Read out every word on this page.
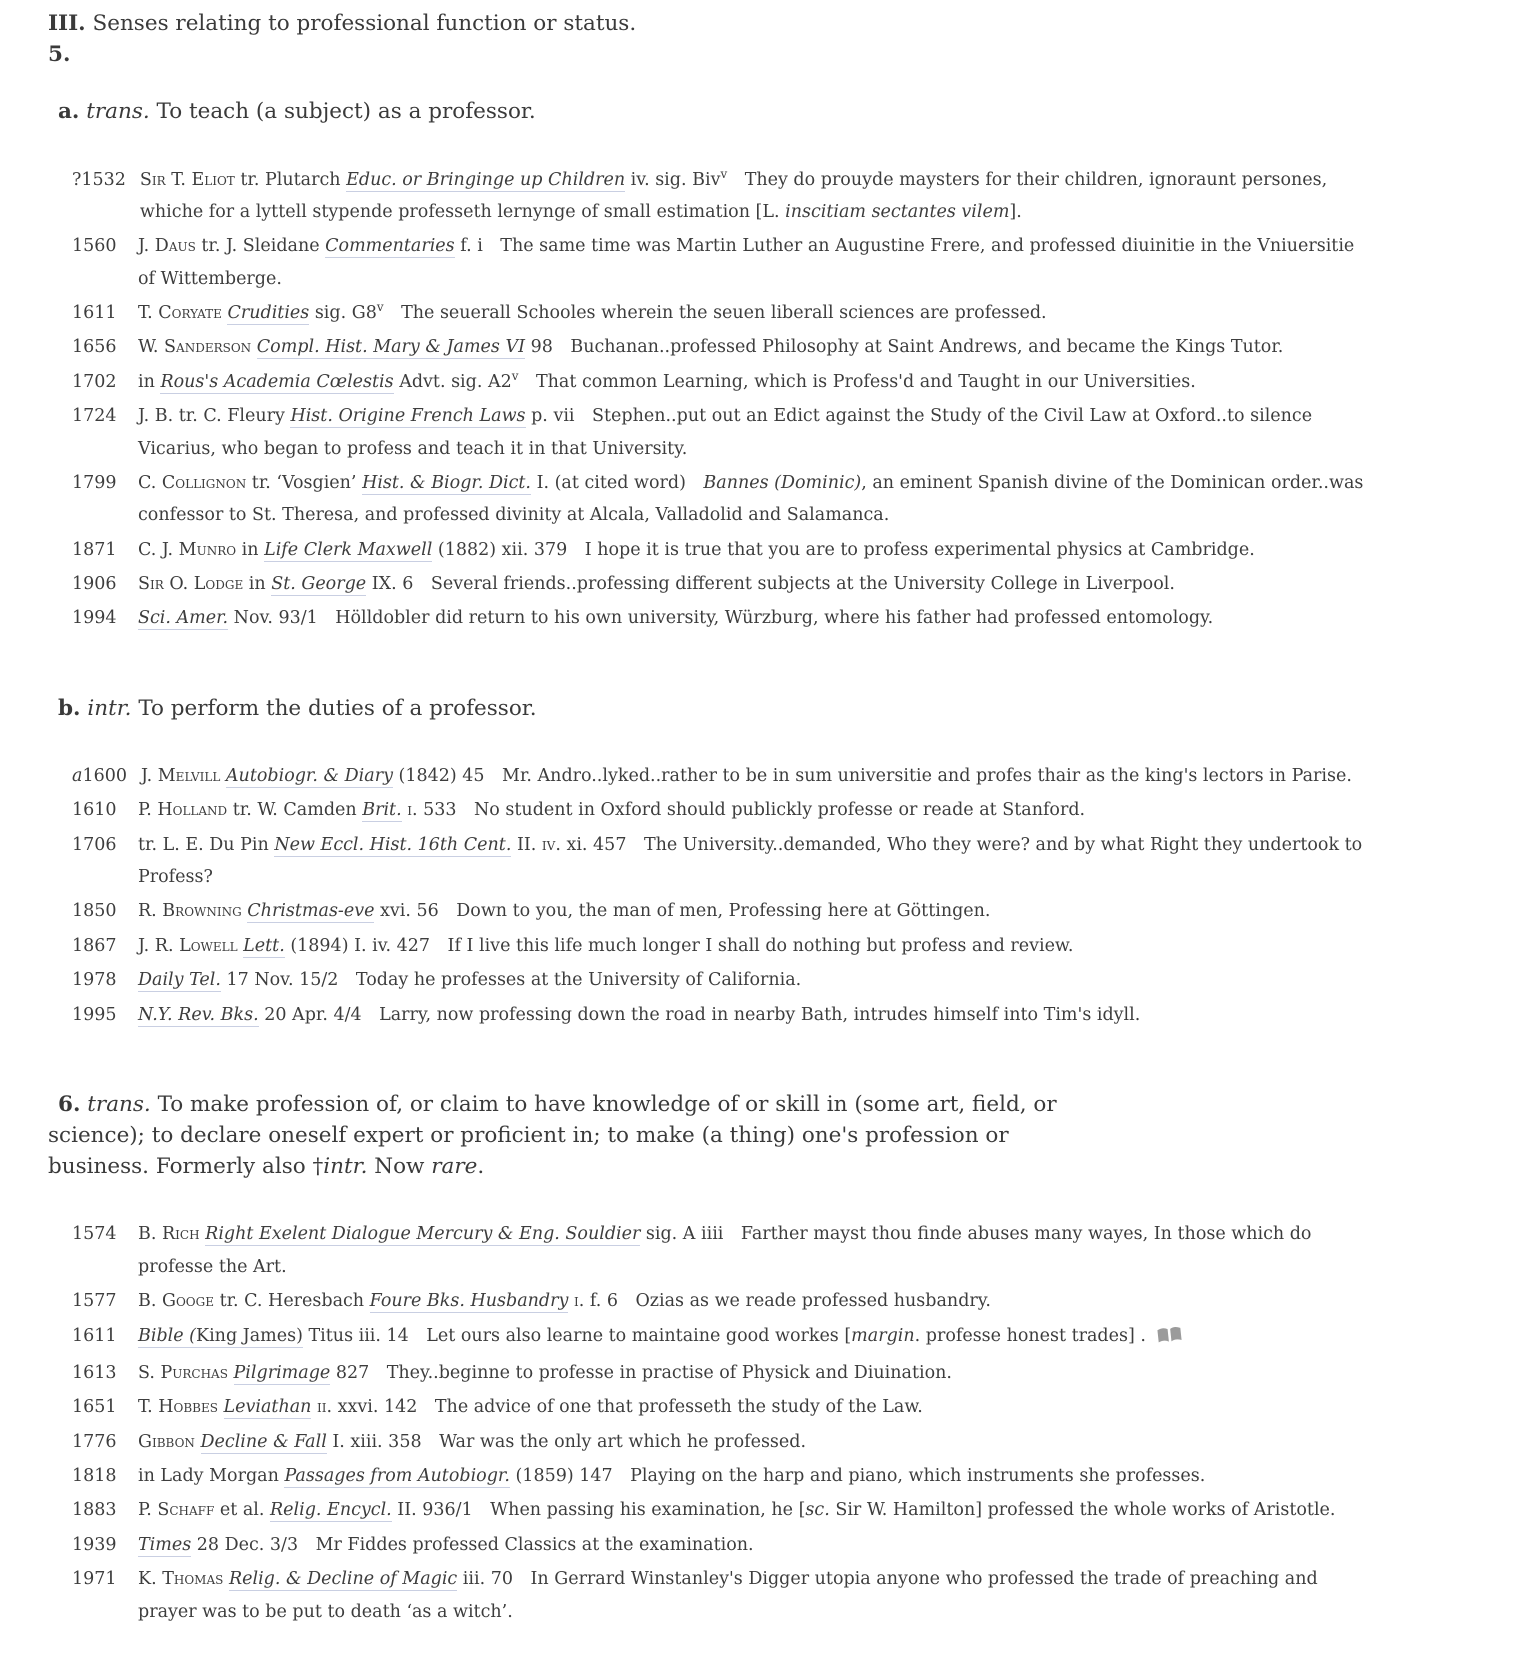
III. Senses relating to professional function or status.
5.
a. trans. To teach (a subject) as a professor.
?1532 Sir T. Eliot tr. Plutarch Educ. or Bringinge up Children iv. sig. Biv$^v$ They do prouyde maysters for their children, ignoraunt persones, whiche for a lyttell stypende professeth lernynge of small estimation [L. inscitiam sectantes vilem].
1560	J. Daus tr. J. Sleidane Commentaries f. i The same time was Martin Luther an Augustine Frere, and professed diuinitie in the Vniuersitie of Wittemberge.
1611	T. Coryate Crudities sig. G8$^v$ The seuerall Schooles wherein the seuen liberall sciences are professed.
1656	W. Sanderson Compl. Hist. Mary & James VI 98 Buchanan..professed Philosophy at Saint Andrews, and became the Kings Tutor.
1702	in Rous's Academia Cœlestis Advt. sig. A2$^v$ That common Learning, which is Profess'd and Taught in our Universities.
1724	J. B. tr. C. Fleury Hist. Origine French Laws p. vii Stephen..put out an Edict against the Study of the Civil Law at Oxford..to silence Vicarius, who began to profess and teach it in that University.
1799	C. Collignon tr. ‘Vosgien’ Hist. & Biogr. Dict. I. (at cited word) Bannes (Dominic), an eminent Spanish divine of the Dominican order..was confessor to St. Theresa, and professed divinity at Alcala, Valladolid and Salamanca.
1871	C. J. Munro in Life Clerk Maxwell (1882) xii. 379 I hope it is true that you are to profess experimental physics at Cambridge.
1906	Sir O. Lodge in St. George IX. 6 Several friends..professing different subjects at the University College in Liverpool.
1994	Sci. Amer. Nov. 93/1 Hölldobler did return to his own university, Würzburg, where his father had professed entomology.
b. intr. To perform the duties of a professor.
a1600 J. Melvill Autobiogr. & Diary (1842) 45 Mr. Andro..lyked..rather to be in sum universitie and profes thair as the king's lectors in Parise.
1610	P. Holland tr. W. Camden Brit. i. 533 No student in Oxford should publickly professe or reade at Stanford.
1706	tr. L. E. Du Pin New Eccl. Hist. 16th Cent. II. iv. xi. 457 The University..demanded, Who they were? and by what Right they undertook to Profess?
1850	R. Browning Christmas-eve xvi. 56 Down to you, the man of men, Professing here at Göttingen.
1867	J. R. Lowell Lett. (1894) I. iv. 427 If I live this life much longer I shall do nothing but profess and review.
1978	Daily Tel. 17 Nov. 15/2 Today he professes at the University of California.
1995	N.Y. Rev. Bks. 20 Apr. 4/4 Larry, now professing down the road in nearby Bath, intrudes himself into Tim's idyll.
6. trans. To make profession of, or claim to have knowledge of or skill in (some art, field, or science); to declare oneself expert or proficient in; to make (a thing) one's profession or business. Formerly also †intr. Now rare.
1574	B. Rich Right Exelent Dialogue Mercury & Eng. Souldier sig. A iiii Farther mayst thou finde abuses many wayes, In those which do professe the Art.
1577	B. Googe tr. C. Heresbach Foure Bks. Husbandry i. f. 6 Ozias as we reade professed husbandry.
1611	Bible (King James) Titus iii. 14 Let ours also learne to maintaine good workes [margin. professe honest trades] .
1613	S. Purchas Pilgrimage 827 They..beginne to professe in practise of Physick and Diuination.
1651	T. Hobbes Leviathan ii. xxvi. 142 The advice of one that professeth the study of the Law.
1776	Gibbon Decline & Fall I. xiii. 358 War was the only art which he professed.
1818	in Lady Morgan Passages from Autobiogr. (1859) 147 Playing on the harp and piano, which instruments she professes.
1883	P. Schaff et al. Relig. Encycl. II. 936/1 When passing his examination, he [sc. Sir W. Hamilton] professed the whole works of Aristotle.
1939	Times 28 Dec. 3/3 Mr Fiddes professed Classics at the examination.
1971	K. Thomas Relig. & Decline of Magic iii. 70 In Gerrard Winstanley's Digger utopia anyone who professed the trade of preaching and prayer was to be put to death ‘as a witch’.
